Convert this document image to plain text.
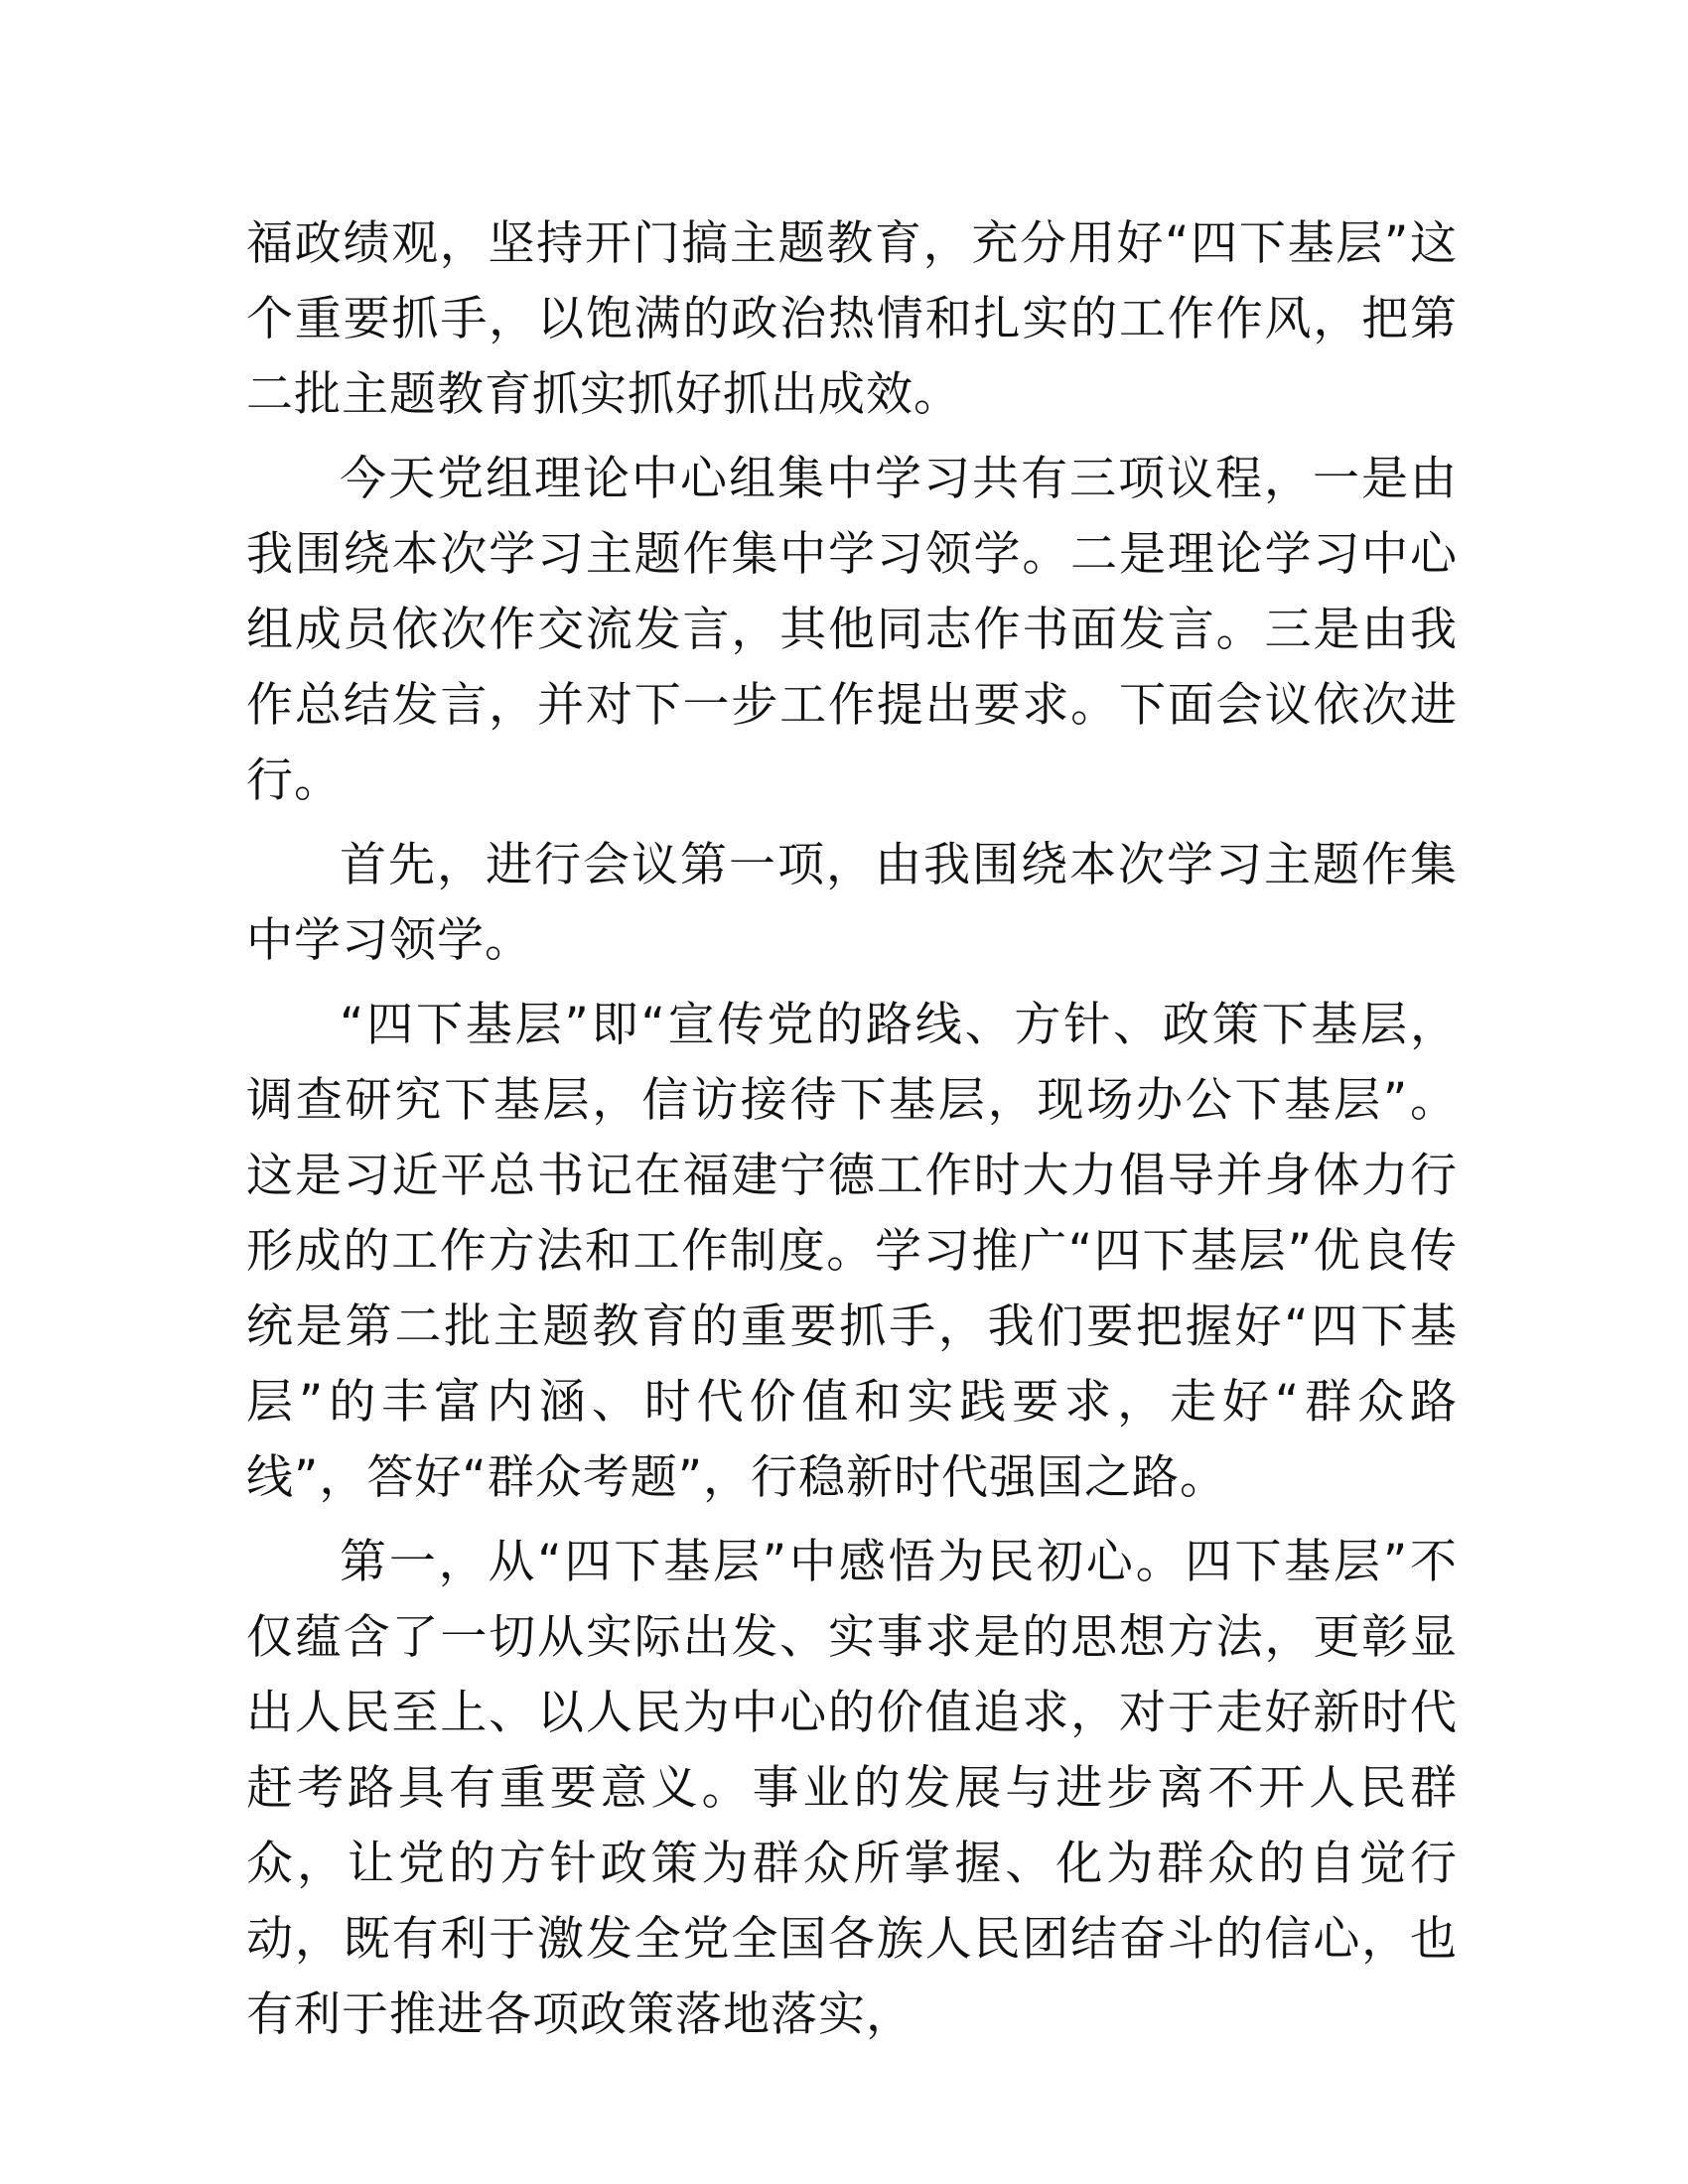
福政绩观，坚持开门搞主题教育，充分用好“四下基层”这个重要抓手，以饱满的政治热情和扎实的工作作风，把第二批主题教育抓实抓好抓出成效。

今天党组理论中心组集中学习共有三项议程，一是由我围绕本次学习主题作集中学习领学。二是理论学习中心组成员依次作交流发言，其他同志作书面发言。三是由我作总结发言，并对下一步工作提出要求。下面会议依次进行。

首先，进行会议第一项，由我围绕本次学习主题作集中学习领学。

“四下基层”即“宣传党的路线、方针、政策下基层，调查研究下基层，信访接待下基层，现场办公下基层”。这是习近平总书记在福建宁德工作时大力倡导并身体力行形成的工作方法和工作制度。学习推广“四下基层”优良传统是第二批主题教育的重要抓手，我们要把握好“四下基层”的丰富内涵、时代价值和实践要求，走好“群众路线”，答好“群众考题”，行稳新时代强国之路。

第一，从“四下基层”中感悟为民初心。四下基层”不仅蕴含了一切从实际出发、实事求是的思想方法，更彰显出人民至上、以人民为中心的价值追求，对于走好新时代赶考路具有重要意义。事业的发展与进步离不开人民群众，让党的方针政策为群众所掌握、化为群众的自觉行动，既有利于激发全党全国各族人民团结奋斗的信心，也有利于推进各项政策落地落实，
